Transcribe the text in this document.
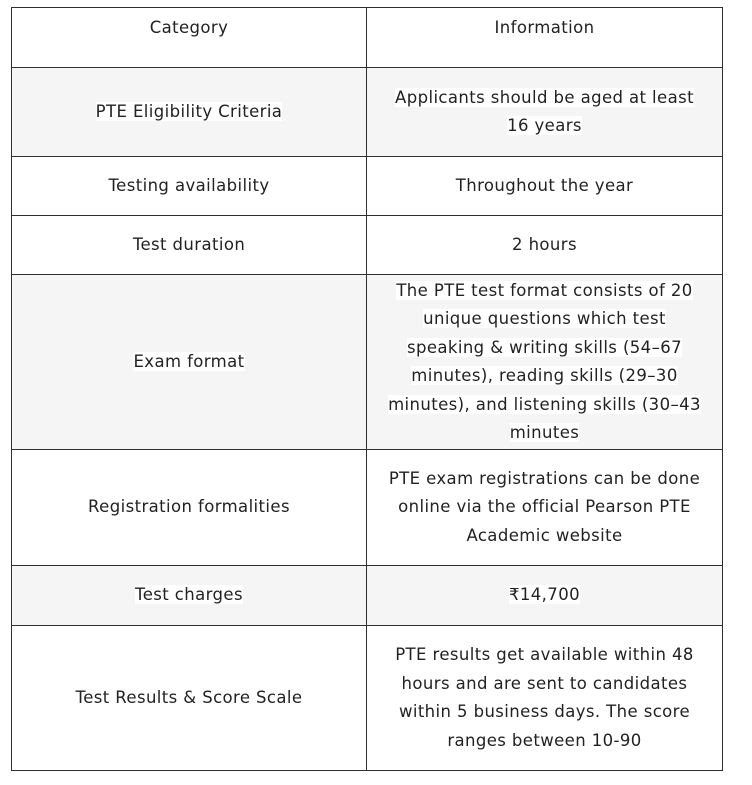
Category	Information
PTE Eligibility Criteria	Applicants should be aged at least 16 years
Testing availability	Throughout the year
Test duration	2 hours
Exam format	The PTE test format consists of 20 unique questions which test speaking & writing skills (54–67 minutes), reading skills (29–30 minutes), and listening skills (30–43 minutes
Registration formalities	PTE exam registrations can be done online via the official Pearson PTE Academic website
Test charges	₹14,700
Test Results & Score Scale	PTE results get available within 48 hours and are sent to candidates within 5 business days. The score ranges between 10-90
